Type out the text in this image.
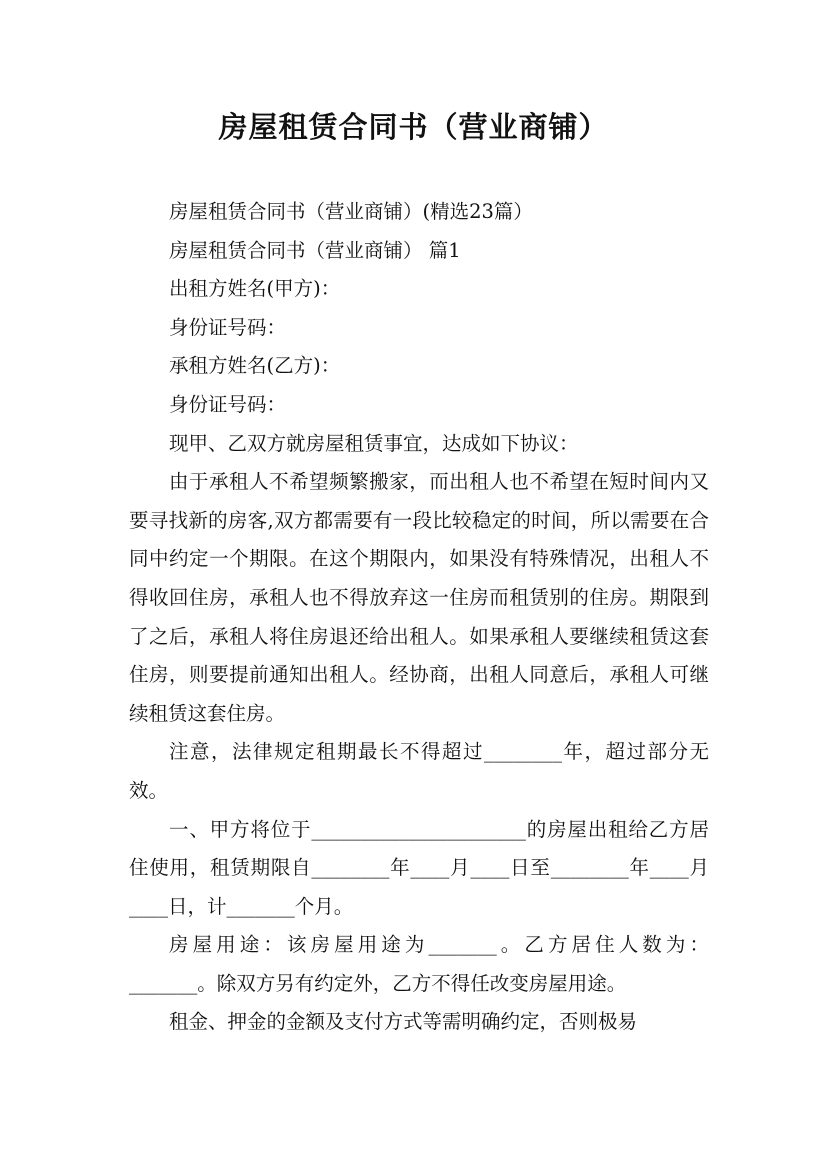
房屋租赁合同书（营业商铺）

房屋租赁合同书（营业商铺）(精选23篇）

房屋租赁合同书（营业商铺） 篇1

出租方姓名(甲方)：

身份证号码：

承租方姓名(乙方)：

身份证号码：

现甲、乙双方就房屋租赁事宜，达成如下协议：

由于承租人不希望频繁搬家，而出租人也不希望在短时间内又要寻找新的房客,双方都需要有一段比较稳定的时间，所以需要在合同中约定一个期限。在这个期限内，如果没有特殊情况，出租人不得收回住房，承租人也不得放弃这一住房而租赁别的住房。期限到了之后，承租人将住房退还给出租人。如果承租人要继续租赁这套住房，则要提前通知出租人。经协商，出租人同意后，承租人可继续租赁这套住房。

注意，法律规定租期最长不得超过________年，超过部分无效。

一、甲方将位于______________________的房屋出租给乙方居住使用，租赁期限自________年____月____日至________年____月____日，计_______个月。

房屋用途：该房屋用途为_______。乙方居住人数为：_______。除双方另有约定外，乙方不得任改变房屋用途。

租金、押金的金额及支付方式等需明确约定，否则极易
